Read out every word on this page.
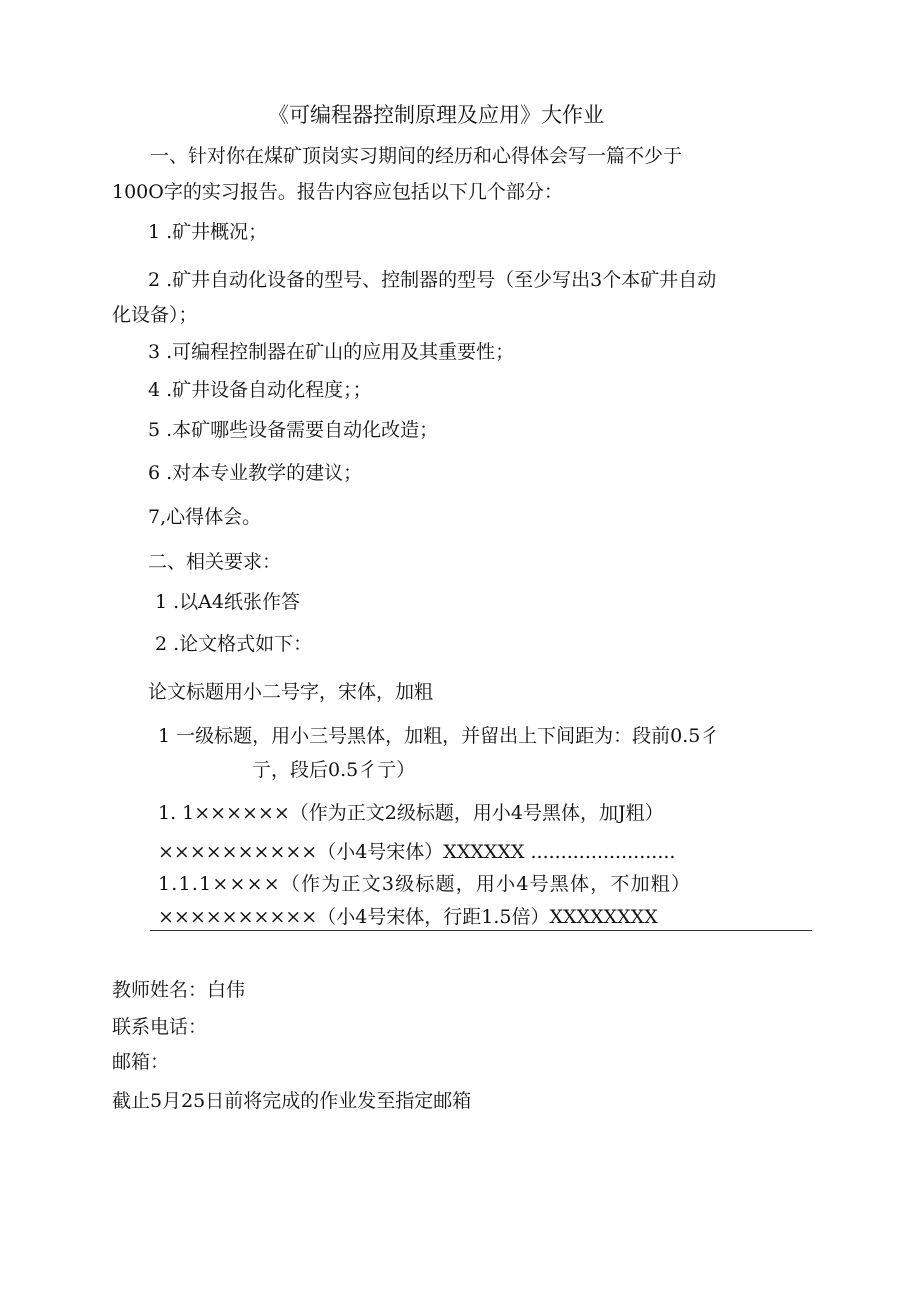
《可编程器控制原理及应用》大作业

一、针对你在煤矿顶岗实习期间的经历和心得体会写一篇不少于

100O字的实习报告。报告内容应包括以下几个部分：

1 .矿井概况；

2 .矿井自动化设备的型号、控制器的型号（至少写出3个本矿井自动

化设备）；

3 .可编程控制器在矿山的应用及其重要性；

4 .矿井设备自动化程度；；

5 .本矿哪些设备需要自动化改造；

6 .对本专业教学的建议；

7,心得体会。

二、相关要求：

1 .以A4纸张作答

2 .论文格式如下：

论文标题用小二号字，宋体，加粗

1 一级标题，用小三号黑体，加粗，并留出上下间距为：段前0.5彳

亍，段后0.5彳亍）

1. 1××××××（作为正文2级标题，用小4号黑体，加J粗）

××××××××××（小4号宋体）XXXXXX ........................

1.1.1××××（作为正文3级标题，用小4号黑体，不加粗）

××××××××××（小4号宋体，行距1.5倍）XXXXXXXX

教师姓名：白伟

联系电话：

邮箱：

截止5月25日前将完成的作业发至指定邮箱
